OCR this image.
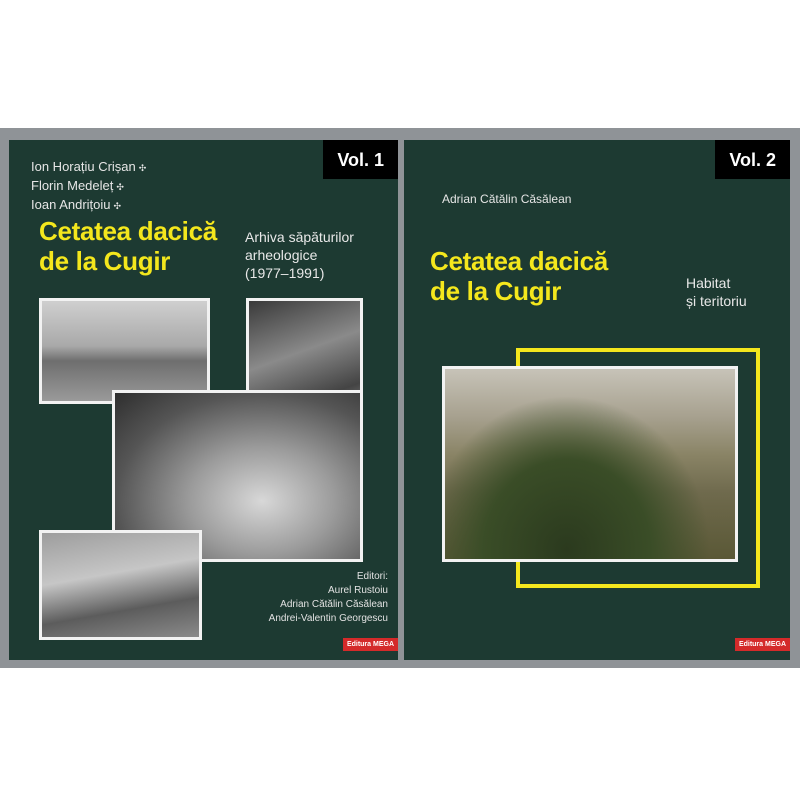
Vol. 1
Ion Horațiu Crișan ✣
Florin Medeleț ✣
Ioan Andrițoiu ✣
Cetatea dacică
de la Cugir
Arhiva săpăturilor
arheologice
(1977–1991)
Editori:
Aurel Rustoiu
Adrian Cătălin Căsălean
Andrei-Valentin Georgescu
Editura MEGA
Vol. 2
Adrian Cătălin Căsălean
Cetatea dacică
de la Cugir	Habitat
și teritoriu
Editura MEGA
